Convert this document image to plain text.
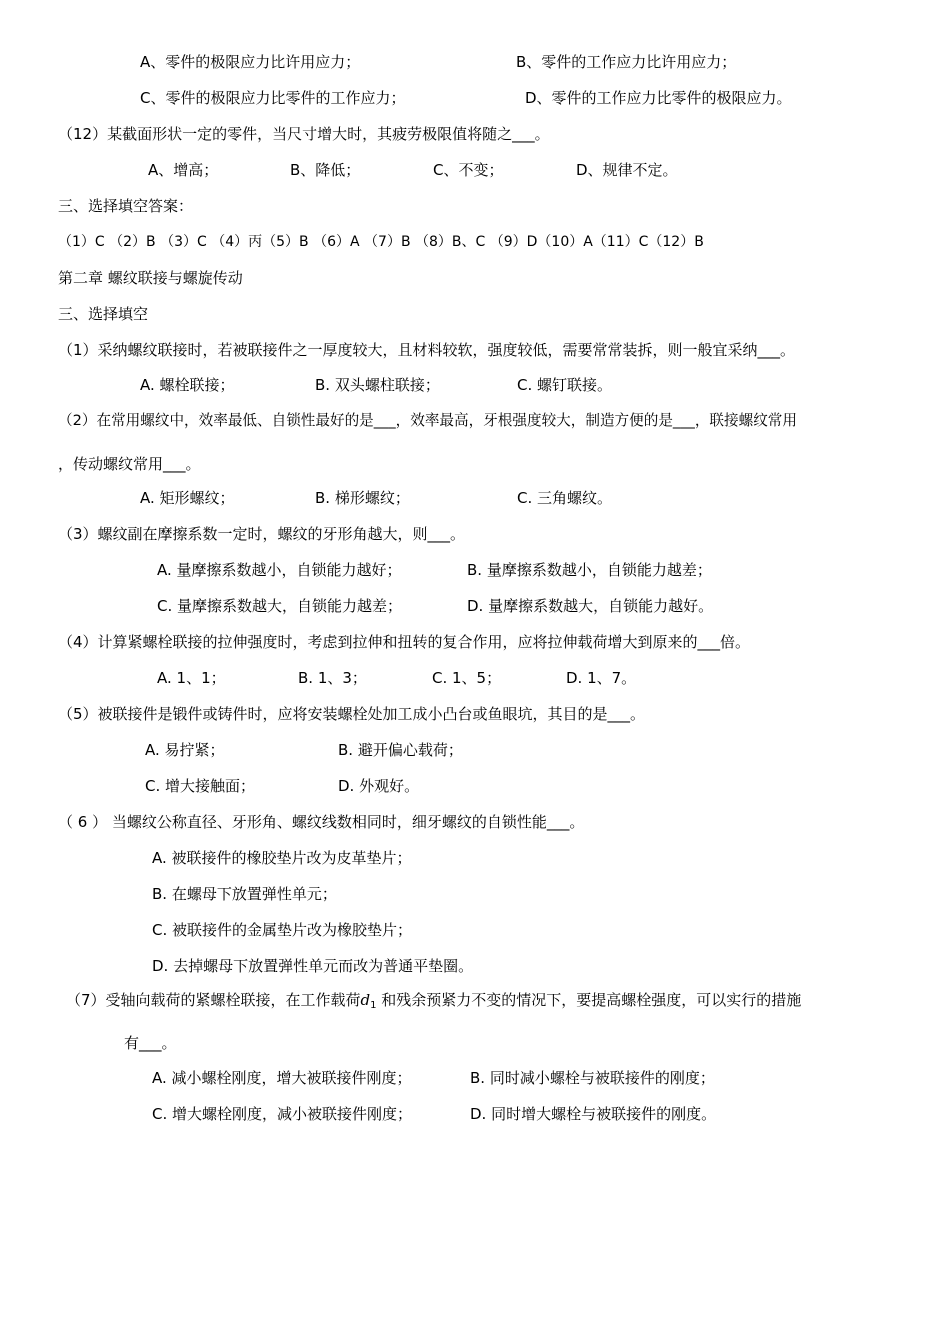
A、零件的极限应力比许用应力；	B、零件的工作应力比许用应力；
C、零件的极限应力比零件的工作应力；	D、零件的工作应力比零件的极限应力。
（12）某截面形状一定的零件，当尺寸增大时，其疲劳极限值将随之___。
A、增高；	B、降低；	C、不变；	D、规律不定。
三、选择填空答案：
（1）C （2）B （3）C （4）丙（5）B （6）A （7）B （8）B、C （9）D（10）A（11）C（12）B
第二章 螺纹联接与螺旋传动
三、选择填空
（1）采纳螺纹联接时，若被联接件之一厚度较大，且材料较软，强度较低，需要常常装拆，则一般宜采纳___。
A. 螺栓联接；	B. 双头螺柱联接；	C. 螺钉联接。
（2）在常用螺纹中，效率最低、自锁性最好的是___，效率最高，牙根强度较大，制造方便的是___，联接螺纹常用
，传动螺纹常用___。
A. 矩形螺纹；	B. 梯形螺纹；	C. 三角螺纹。
（3）螺纹副在摩擦系数一定时，螺纹的牙形角越大，则___。
A. 量摩擦系数越小，自锁能力越好；	B. 量摩擦系数越小，自锁能力越差；
C. 量摩擦系数越大，自锁能力越差；	D. 量摩擦系数越大，自锁能力越好。
（4）计算紧螺栓联接的拉伸强度时，考虑到拉伸和扭转的复合作用，应将拉伸载荷增大到原来的___倍。
A. 1、1；	B. 1、3；	C. 1、5；	D. 1、7。
（5）被联接件是锻件或铸件时，应将安装螺栓处加工成小凸台或鱼眼坑，其目的是___。
A. 易拧紧；	B. 避开偏心载荷；
C. 增大接触面；	D. 外观好。
（ 6 ） 当螺纹公称直径、牙形角、螺纹线数相同时，细牙螺纹的自锁性能___。
A. 被联接件的橡胶垫片改为皮革垫片；
B. 在螺母下放置弹性单元；
C. 被联接件的金属垫片改为橡胶垫片；
D. 去掉螺母下放置弹性单元而改为普通平垫圈。
（7）受轴向载荷的紧螺栓联接，在工作载荷$d_1$ 和残余预紧力不变的情况下，要提高螺栓强度，可以实行的措施
有___。
A. 减小螺栓刚度，增大被联接件刚度；	B. 同时减小螺栓与被联接件的刚度；
C. 增大螺栓刚度，减小被联接件刚度；	D. 同时增大螺栓与被联接件的刚度。
